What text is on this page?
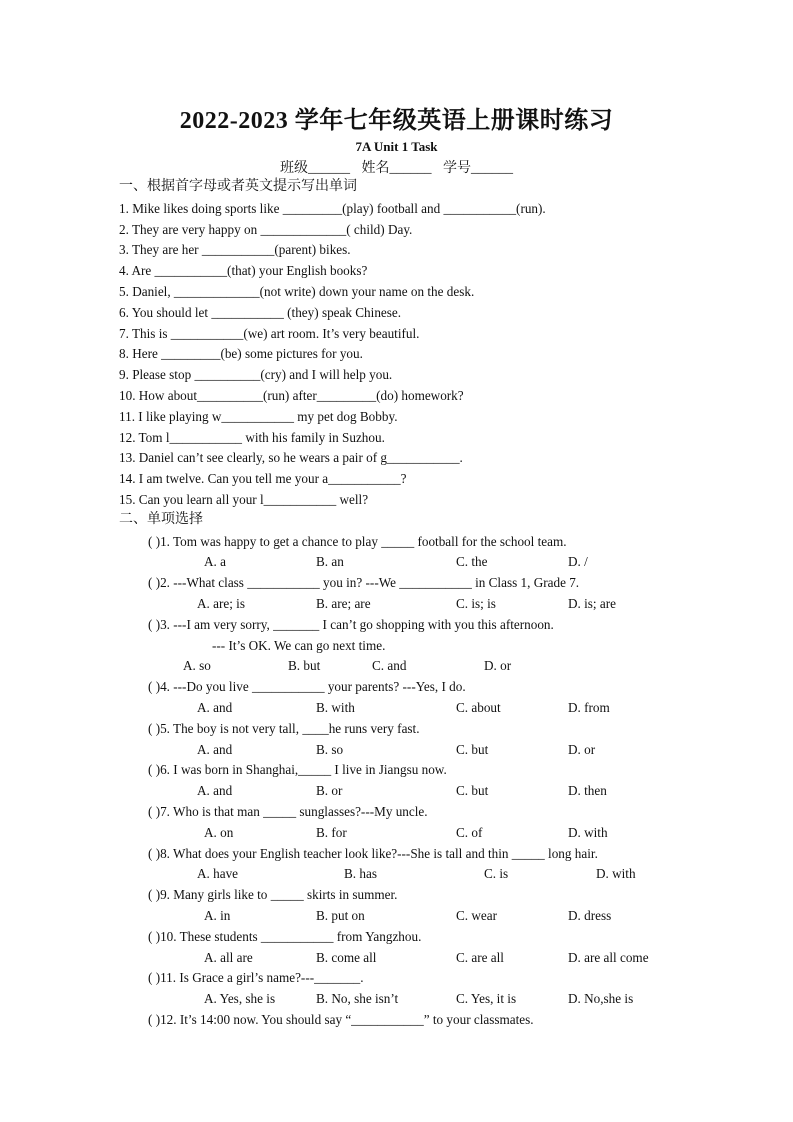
2022-2023 学年七年级英语上册课时练习
7A Unit 1 Task
班级______ 姓名______ 学号______
一、根据首字母或者英文提示写出单词
1. Mike likes doing sports like _________(play) football and ___________(run).
2. They are very happy on _____________( child) Day.
3. They are her ___________(parent) bikes.
4. Are ___________(that) your English books?
5. Daniel, _____________(not write) down your name on the desk.
6. You should let ___________ (they) speak Chinese.
7. This is ___________(we) art room. It’s very beautiful.
8. Here _________(be) some pictures for you.
9. Please stop __________(cry) and I will help you.
10. How about__________(run) after_________(do) homework?
11. I like playing w___________ my pet dog Bobby.
12. Tom l___________ with his family in Suzhou.
13. Daniel can’t see clearly, so he wears a pair of g___________.
14. I am twelve. Can you tell me your a___________?
15. Can you learn all your l___________ well?
二、单项选择
( )1. Tom was happy to get a chance to play _____ football for the school team.
A. a	B. an	C. the	D. /
( )2. ---What class ___________ you in? ---We ___________ in Class 1, Grade 7.
A. are; is	B. are; are	C. is; is	D. is; are
( )3. ---I am very sorry, _______ I can’t go shopping with you this afternoon.
--- It’s OK. We can go next time.
A. so	B. but	C. and	D. or
( )4. ---Do you live ___________ your parents? ---Yes, I do.
A. and	B. with	C. about	D. from
( )5. The boy is not very tall, ____he runs very fast.
A. and	B. so	C. but	D. or
( )6. I was born in Shanghai,_____ I live in Jiangsu now.
A. and	B. or	C. but	D. then
( )7. Who is that man _____ sunglasses?---My uncle.
A. on	B. for	C. of	D. with
( )8. What does your English teacher look like?---She is tall and thin _____ long hair.
A. have	B. has	C. is	D. with
( )9. Many girls like to _____ skirts in summer.
A. in	B. put on	C. wear	D. dress
( )10. These students ___________ from Yangzhou.
A. all are	B. come all	C. are all	D. are all come
( )11. Is Grace a girl’s name?---_______.
A. Yes, she is	B. No, she isn’t	C. Yes, it is	D. No,she is
( )12. It’s 14:00 now. You should say “___________” to your classmates.
